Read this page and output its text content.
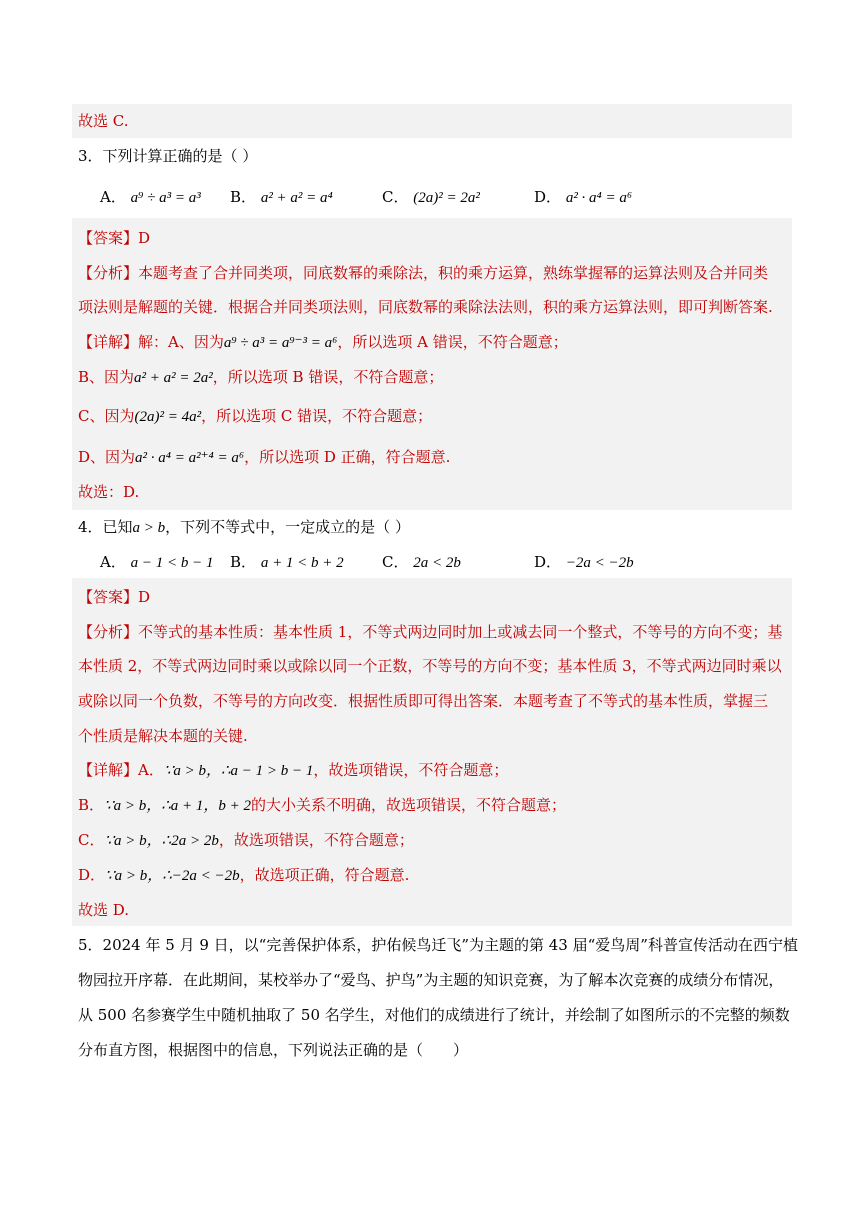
故选 C.
3．下列计算正确的是（ ）
A． a⁹ ÷ a³ = a³ B． a² + a² = a⁴	C． (2a)² = 2a²	D． a² · a⁴ = a⁶
【答案】D
【分析】本题考查了合并同类项，同底数幂的乘除法，积的乘方运算，熟练掌握幂的运算法则及合并同类
项法则是解题的关键．根据合并同类项法则，同底数幂的乘除法法则，积的乘方运算法则，即可判断答案.
【详解】解：A、因为a⁹ ÷ a³ = a⁹⁻³ = a⁶，所以选项 A 错误，不符合题意；
B、因为a² + a² = 2a²，所以选项 B 错误，不符合题意；
C、因为(2a)² = 4a²，所以选项 C 错误，不符合题意；
D、因为a² · a⁴ = a²⁺⁴ = a⁶，所以选项 D 正确，符合题意.
故选：D.
4．已知a > b，下列不等式中，一定成立的是（ ）
A． a − 1 < b − 1 B． a + 1 < b + 2	C． 2a < 2b	D． −2a < −2b
【答案】D
【分析】不等式的基本性质：基本性质 1，不等式两边同时加上或减去同一个整式，不等号的方向不变；基
本性质 2，不等式两边同时乘以或除以同一个正数，不等号的方向不变；基本性质 3，不等式两边同时乘以
或除以同一个负数，不等号的方向改变．根据性质即可得出答案．本题考查了不等式的基本性质，掌握三
个性质是解决本题的关键.
【详解】A．∵a > b，∴a − 1 > b − 1，故选项错误，不符合题意；
B．∵a > b，∴a + 1，b + 2的大小关系不明确，故选项错误，不符合题意；
C．∵a > b，∴2a > 2b，故选项错误，不符合题意；
D．∵a > b，∴−2a < −2b，故选项正确，符合题意.
故选 D.
5．2024 年 5 月 9 日，以“完善保护体系，护佑候鸟迁飞”为主题的第 43 届“爱鸟周”科普宣传活动在西宁植
物园拉开序幕．在此期间，某校举办了“爱鸟、护鸟”为主题的知识竞赛，为了解本次竞赛的成绩分布情况，
从 500 名参赛学生中随机抽取了 50 名学生，对他们的成绩进行了统计，并绘制了如图所示的不完整的频数
分布直方图，根据图中的信息，下列说法正确的是（　　）
